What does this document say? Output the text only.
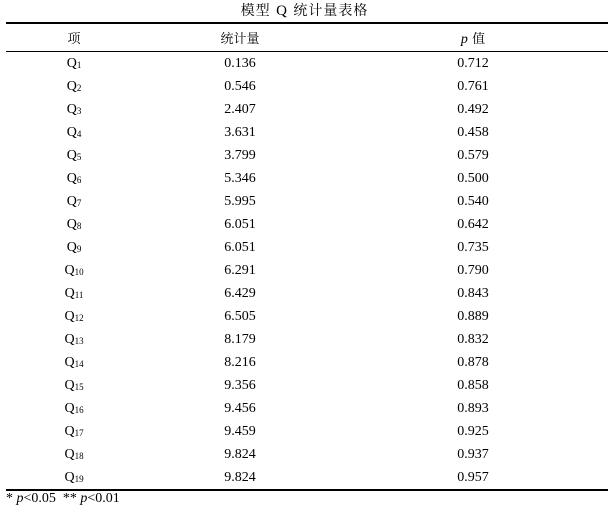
模型 Q 统计量表格
项	统计量	p 值
$Q_1$	0.136	0.712
$Q_2$	0.546	0.761
$Q_3$	2.407	0.492
$Q_4$	3.631	0.458
$Q_5$	3.799	0.579
$Q_6$	5.346	0.500
$Q_7$	5.995	0.540
$Q_8$	6.051	0.642
$Q_9$	6.051	0.735
$Q_{10}$	6.291	0.790
$Q_{11}$	6.429	0.843
$Q_{12}$	6.505	0.889
$Q_{13}$	8.179	0.832
$Q_{14}$	8.216	0.878
$Q_{15}$	9.356	0.858
$Q_{16}$	9.456	0.893
$Q_{17}$	9.459	0.925
$Q_{18}$	9.824	0.937
$Q_{19}$	9.824	0.957
* p<0.05  ** p<0.01
